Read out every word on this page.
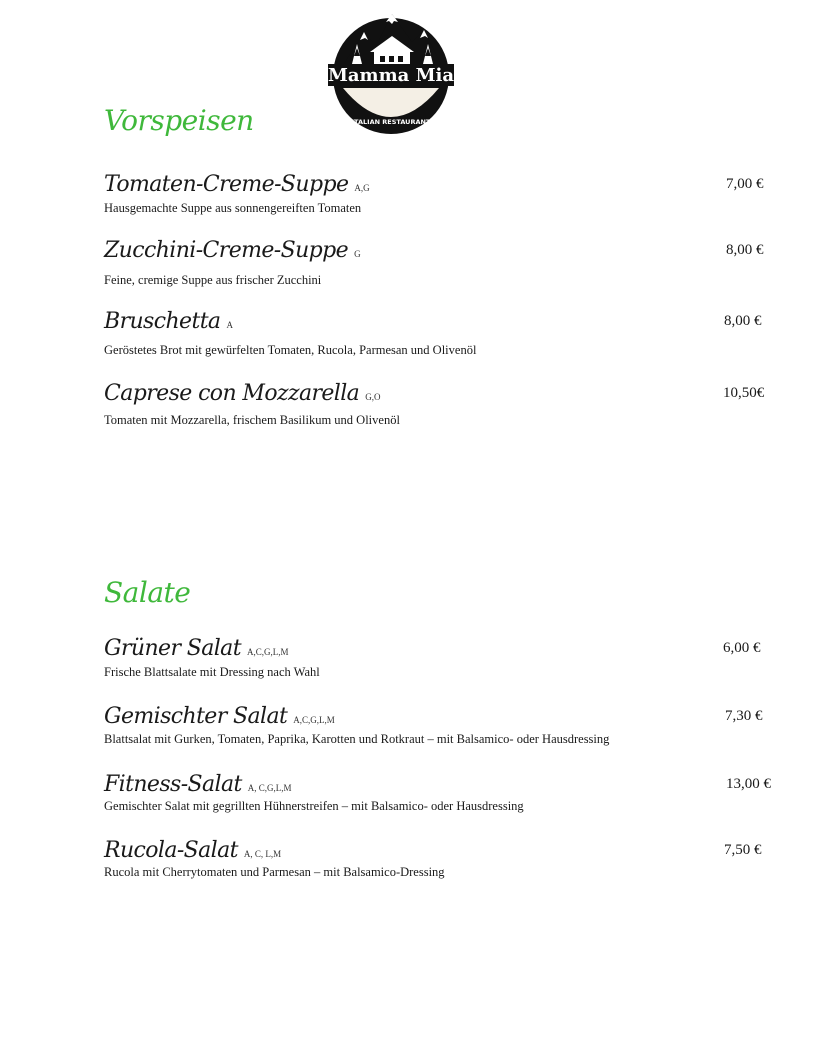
Mamma Mia
ITALIAN RESTAURANT
Vorspeisen
Tomaten-Creme-Suppe A,G
Hausgemachte Suppe aus sonnengereiften Tomaten
7,00 €
Zucchini-Creme-Suppe G
Feine, cremige Suppe aus frischer Zucchini
8,00 €
Bruschetta A
Geröstetes Brot mit gewürfelten Tomaten, Rucola, Parmesan und Olivenöl
8,00 €
Caprese con Mozzarella G,O
Tomaten mit Mozzarella, frischem Basilikum und Olivenöl
10,50€
Salate
Grüner Salat A,C,G,L,M
Frische Blattsalate mit Dressing nach Wahl
6,00 €
Gemischter Salat A,C,G,L,M
Blattsalat mit Gurken, Tomaten, Paprika, Karotten und Rotkraut – mit Balsamico- oder Hausdressing
7,30 €
Fitness-Salat A, C,G,L,M
Gemischter Salat mit gegrillten Hühnerstreifen – mit Balsamico- oder Hausdressing
13,00 €
Rucola-Salat A, C, L,M
Rucola mit Cherrytomaten und Parmesan – mit Balsamico-Dressing
7,50 €
